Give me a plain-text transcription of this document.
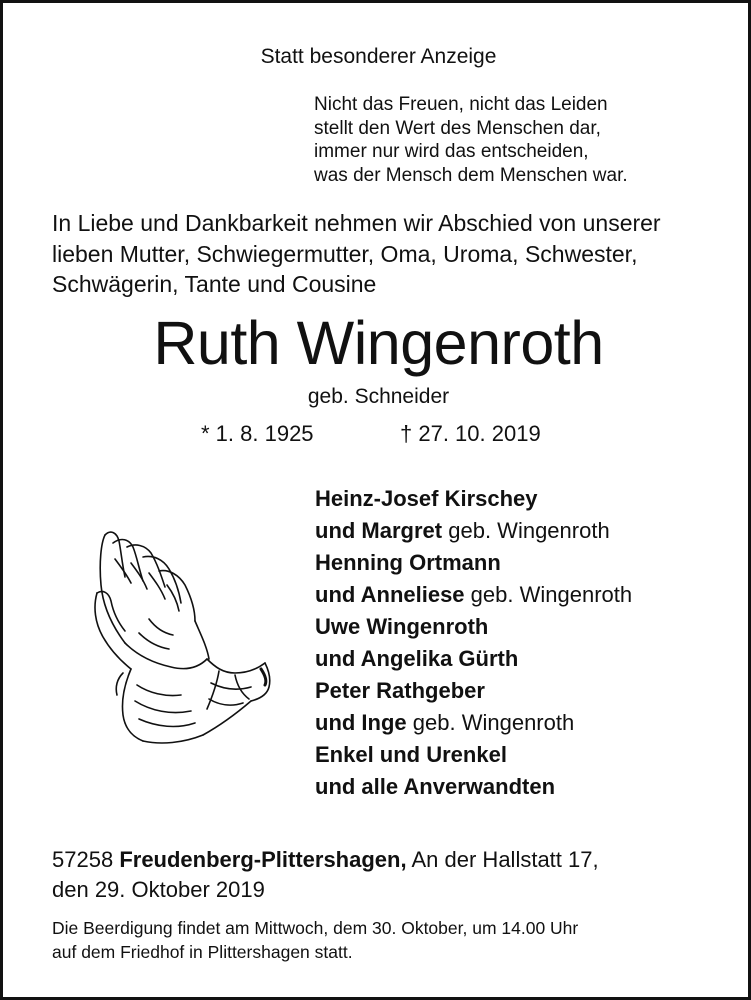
Statt besonderer Anzeige
Nicht das Freuen, nicht das Leiden
stellt den Wert des Menschen dar,
immer nur wird das entscheiden,
was der Mensch dem Menschen war.
In Liebe und Dankbarkeit nehmen wir Abschied von unserer
lieben Mutter, Schwiegermutter, Oma, Uroma, Schwester,
Schwägerin, Tante und Cousine
Ruth Wingenroth
geb. Schneider
* 1. 8. 1925	† 27. 10. 2019
Heinz-Josef Kirschey
und Margret geb. Wingenroth
Henning Ortmann
und Anneliese geb. Wingenroth
Uwe Wingenroth
und Angelika Gürth
Peter Rathgeber
und Inge geb. Wingenroth
Enkel und Urenkel
und alle Anverwandten
57258 Freudenberg-Plittershagen, An der Hallstatt 17,
den 29. Oktober 2019
Die Beerdigung findet am Mittwoch, dem 30. Oktober, um 14.00 Uhr
auf dem Friedhof in Plittershagen statt.
